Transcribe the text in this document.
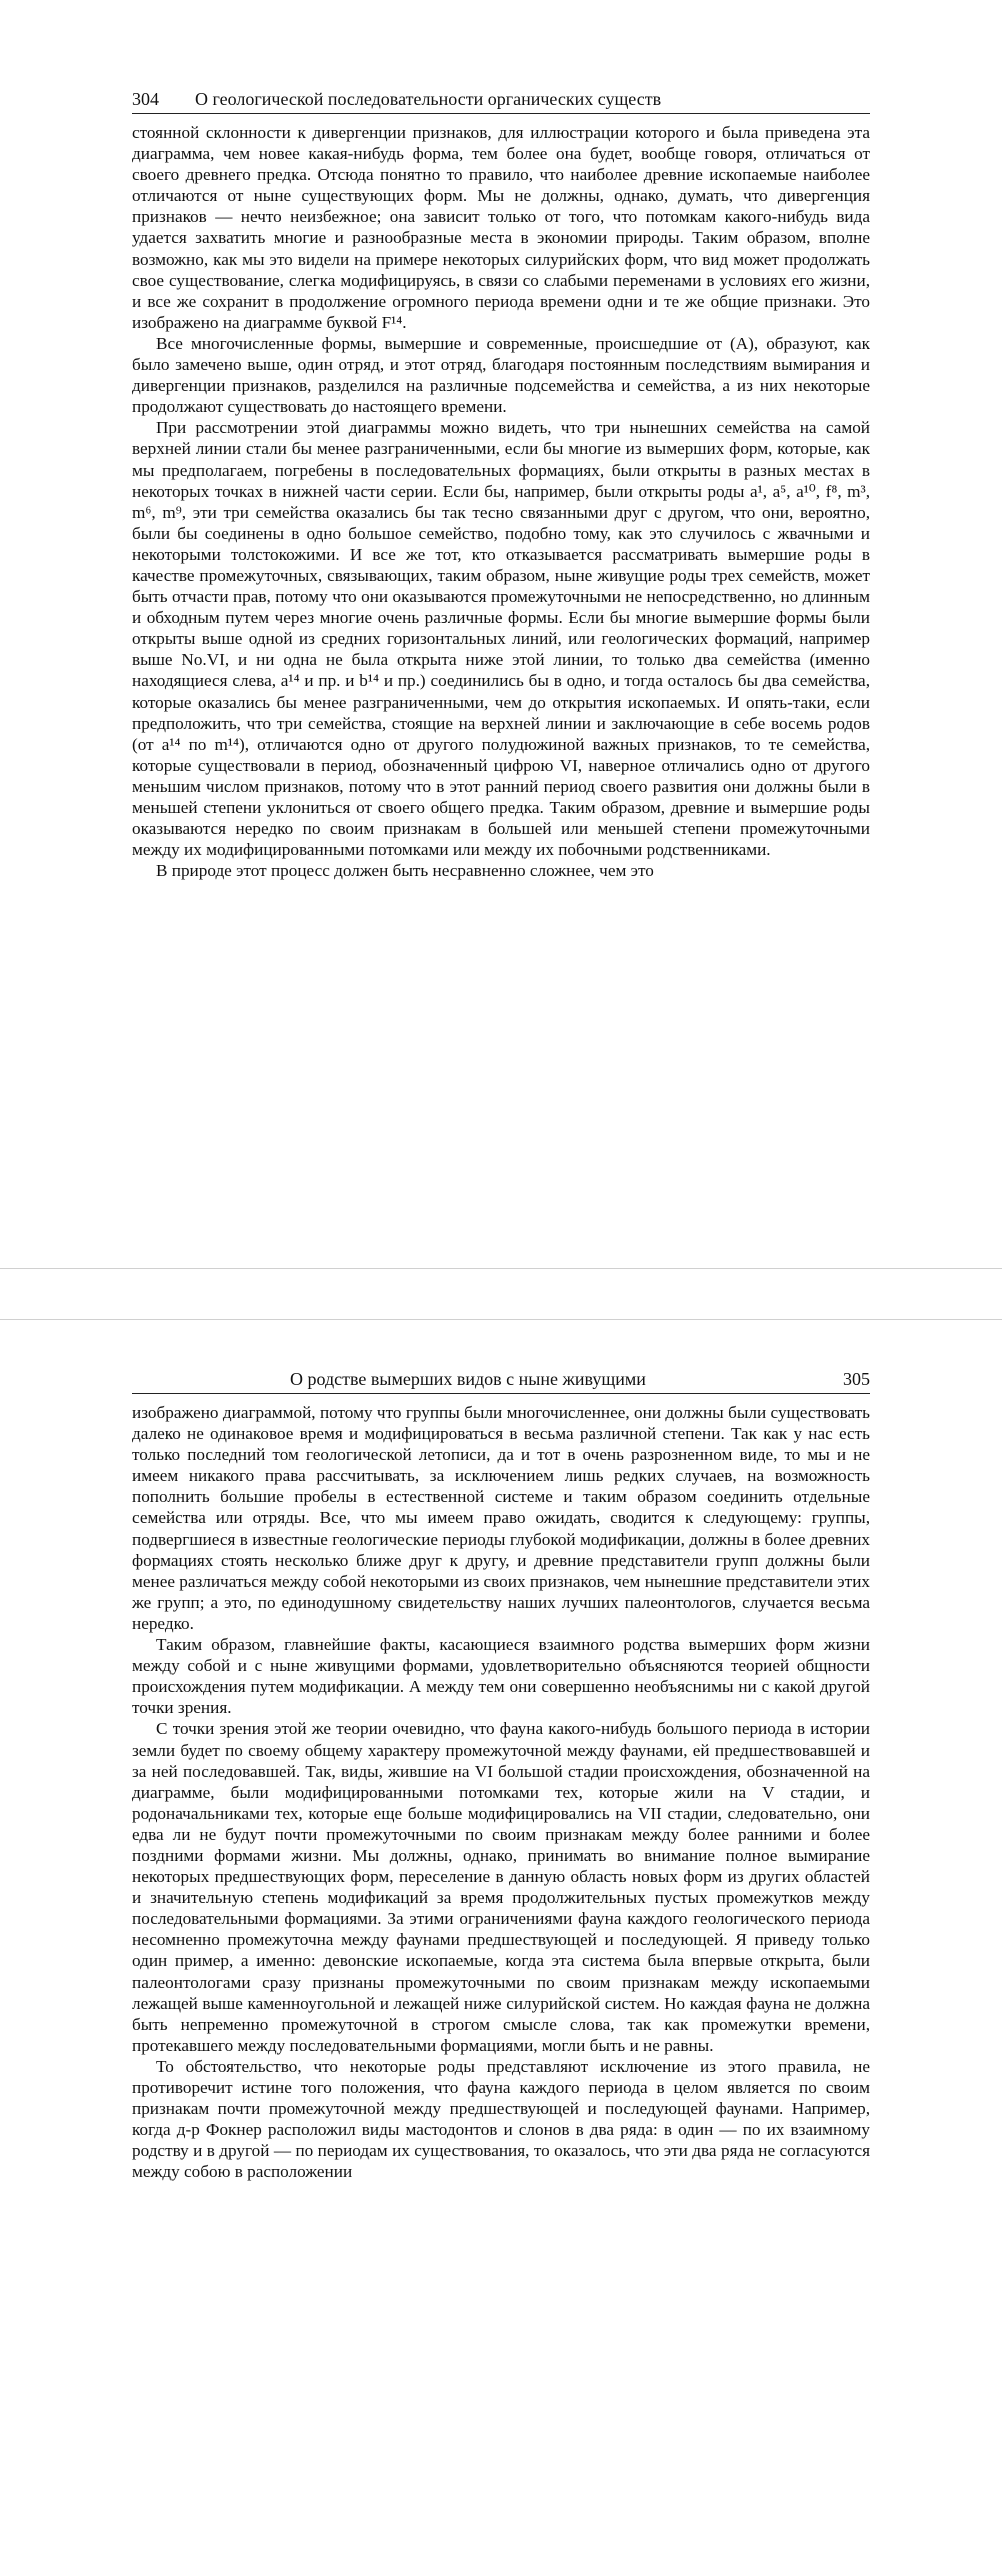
304	О геологической последовательности органических существ

стоянной склонности к дивергенции признаков, для иллюстрации которого и была приведена эта диаграмма, чем новее какая-нибудь форма, тем более она будет, вообще говоря, отличаться от своего древнего предка. Отсюда понятно то правило, что наиболее древние ископаемые наиболее отличаются от ныне существующих форм. Мы не должны, однако, думать, что дивергенция признаков — нечто неизбежное; она зависит только от того, что потомкам какого-нибудь вида удается захватить многие и разнообразные места в экономии природы. Таким образом, вполне возможно, как мы это видели на примере некоторых силурийских форм, что вид может продолжать свое существование, слегка модифицируясь, в связи со слабыми переменами в условиях его жизни, и все же сохранит в продолжение огромного периода времени одни и те же общие признаки. Это изображено на диаграмме буквой F¹⁴.

Все многочисленные формы, вымершие и современные, происшедшие от (A), образуют, как было замечено выше, один отряд, и этот отряд, благодаря постоянным последствиям вымирания и дивергенции признаков, разделился на различные подсемейства и семейства, а из них некоторые продолжают существовать до настоящего времени.

При рассмотрении этой диаграммы можно видеть, что три нынешних семейства на самой верхней линии стали бы менее разграниченными, если бы многие из вымерших форм, которые, как мы предполагаем, погребены в последовательных формациях, были открыты в разных местах в некоторых точках в нижней части серии. Если бы, например, были открыты роды a¹, a⁵, a¹⁰, f⁸, m³, m⁶, m⁹, эти три семейства оказались бы так тесно связанными друг с другом, что они, вероятно, были бы соединены в одно большое семейство, подобно тому, как это случилось с жвачными и некоторыми толстокожими. И все же тот, кто отказывается рассматривать вымершие роды в качестве промежуточных, связывающих, таким образом, ныне живущие роды трех семейств, может быть отчасти прав, потому что они оказываются промежуточными не непосредственно, но длинным и обходным путем через многие очень различные формы. Если бы многие вымершие формы были открыты выше одной из средних горизонтальных линий, или геологических формаций, например выше No.VI, и ни одна не была открыта ниже этой линии, то только два семейства (именно находящиеся слева, a¹⁴ и пр. и b¹⁴ и пр.) соединились бы в одно, и тогда осталось бы два семейства, которые оказались бы менее разграниченными, чем до открытия ископаемых. И опять-таки, если предположить, что три семейства, стоящие на верхней линии и заключающие в себе восемь родов (от a¹⁴ по m¹⁴), отличаются одно от другого полудюжиной важных признаков, то те семейства, которые существовали в период, обозначенный цифрою VI, наверное отличались одно от другого меньшим числом признаков, потому что в этот ранний период своего развития они должны были в меньшей степени уклониться от своего общего предка. Таким образом, древние и вымершие роды оказываются нередко по своим признакам в большей или меньшей степени промежуточными между их модифицированными потомками или между их побочными родственниками.

В природе этот процесс должен быть несравненно сложнее, чем это

О родстве вымерших видов с ныне живущими	305

изображено диаграммой, потому что группы были многочисленнее, они должны были существовать далеко не одинаковое время и модифицироваться в весьма различной степени. Так как у нас есть только последний том геологической летописи, да и тот в очень разрозненном виде, то мы и не имеем никакого права рассчитывать, за исключением лишь редких случаев, на возможность пополнить большие пробелы в естественной системе и таким образом соединить отдельные семейства или отряды. Все, что мы имеем право ожидать, сводится к следующему: группы, подвергшиеся в известные геологические периоды глубокой модификации, должны в более древних формациях стоять несколько ближе друг к другу, и древние представители групп должны были менее различаться между собой некоторыми из своих признаков, чем нынешние представители этих же групп; а это, по единодушному свидетельству наших лучших палеонтологов, случается весьма нередко.

Таким образом, главнейшие факты, касающиеся взаимного родства вымерших форм жизни между собой и с ныне живущими формами, удовлетворительно объясняются теорией общности происхождения путем модификации. А между тем они совершенно необъяснимы ни с какой другой точки зрения.

С точки зрения этой же теории очевидно, что фауна какого-нибудь большого периода в истории земли будет по своему общему характеру промежуточной между фаунами, ей предшествовавшей и за ней последовавшей. Так, виды, жившие на VI большой стадии происхождения, обозначенной на диаграмме, были модифицированными потомками тех, которые жили на V стадии, и родоначальниками тех, которые еще больше модифицировались на VII стадии, следовательно, они едва ли не будут почти промежуточными по своим признакам между более ранними и более поздними формами жизни. Мы должны, однако, принимать во внимание полное вымирание некоторых предшествующих форм, переселение в данную область новых форм из других областей и значительную степень модификаций за время продолжительных пустых промежутков между последовательными формациями. За этими ограничениями фауна каждого геологического периода несомненно промежуточна между фаунами предшествующей и последующей. Я приведу только один пример, а именно: девонские ископаемые, когда эта система была впервые открыта, были палеонтологами сразу признаны промежуточными по своим признакам между ископаемыми лежащей выше каменноугольной и лежащей ниже силурийской систем. Но каждая фауна не должна быть непременно промежуточной в строгом смысле слова, так как промежутки времени, протекавшего между последовательными формациями, могли быть и не равны.

То обстоятельство, что некоторые роды представляют исключение из этого правила, не противоречит истине того положения, что фауна каждого периода в целом является по своим признакам почти промежуточной между предшествующей и последующей фаунами. Например, когда д-р Фокнер расположил виды мастодонтов и слонов в два ряда: в один — по их взаимному родству и в другой — по периодам их существования, то оказалось, что эти два ряда не согласуются между собою в расположении
